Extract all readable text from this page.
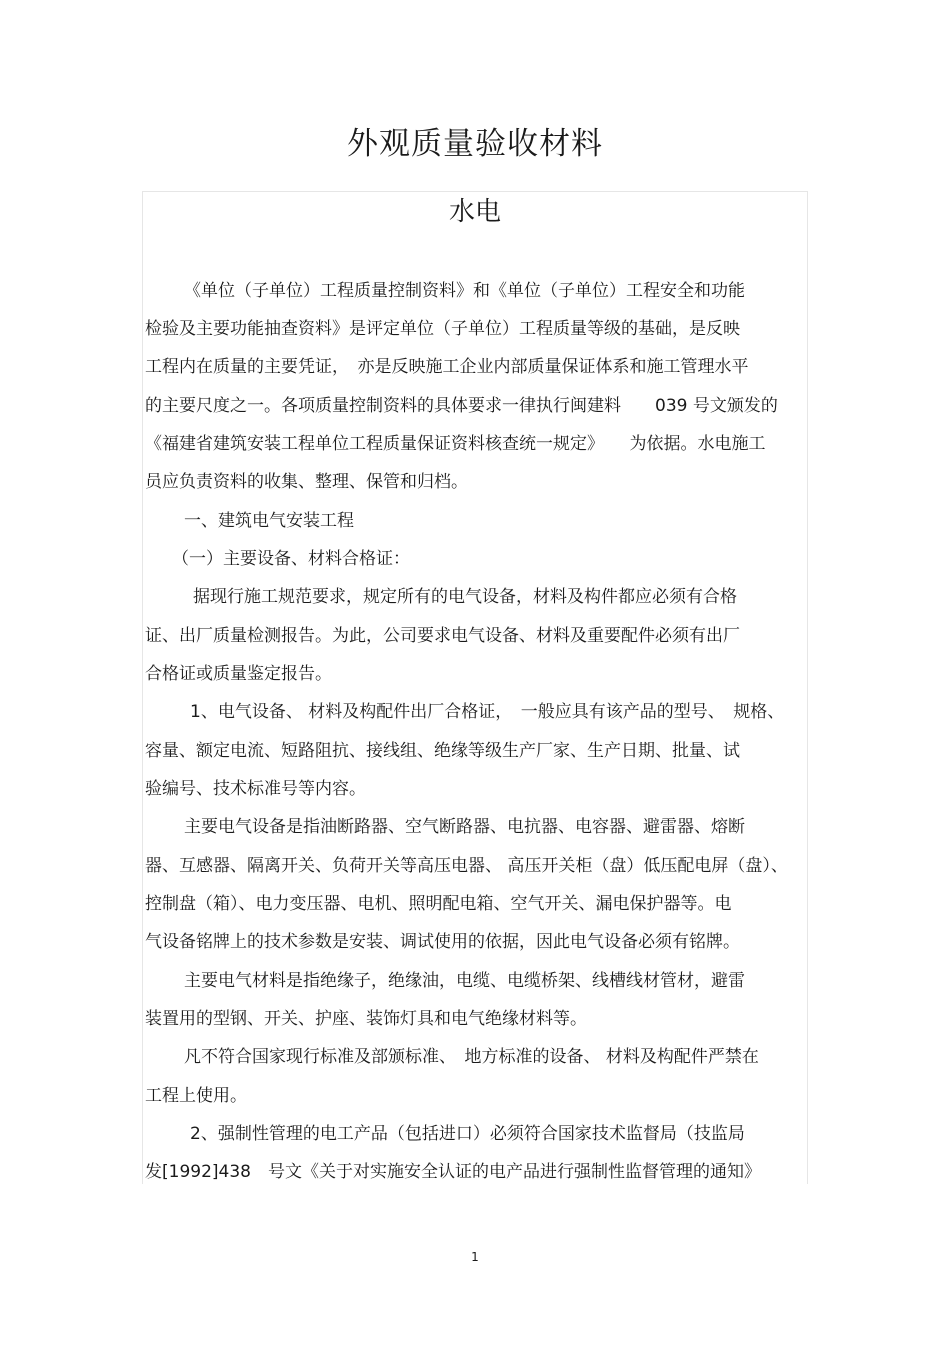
外观质量验收材料
水电

《单位（子单位）工程质量控制资料》和《单位（子单位）工程安全和功能

检验及主要功能抽查资料》是评定单位（子单位）工程质量等级的基础，是反映

工程内在质量的主要凭证，　亦是反映施工企业内部质量保证体系和施工管理水平

的主要尺度之一。各项质量控制资料的具体要求一律执行闽建料　　039 号文颁发的

《福建省建筑安装工程单位工程质量保证资料核查统一规定》　　为依据。水电施工

员应负责资料的收集、整理、保管和归档。

一、建筑电气安装工程

（一）主要设备、材料合格证：

据现行施工规范要求，规定所有的电气设备，材料及构件都应必须有合格

证、出厂质量检测报告。为此，公司要求电气设备、材料及重要配件必须有出厂

合格证或质量鉴定报告。

1、电气设备、 材料及构配件出厂合格证，　一般应具有该产品的型号、　规格、

容量、额定电流、短路阻抗、接线组、绝缘等级生产厂家、生产日期、批量、试

验编号、技术标准号等内容。

主要电气设备是指油断路器、空气断路器、电抗器、电容器、避雷器、熔断

器、互感器、隔离开关、负荷开关等高压电器、 高压开关柜（盘）低压配电屏（盘）、

控制盘（箱）、电力变压器、电机、照明配电箱、空气开关、漏电保护器等。电

气设备铭牌上的技术参数是安装、调试使用的依据，因此电气设备必须有铭牌。

主要电气材料是指绝缘子，绝缘油，电缆、电缆桥架、线槽线材管材，避雷

装置用的型钢、开关、护座、装饰灯具和电气绝缘材料等。

凡不符合国家现行标准及部颁标准、　地方标准的设备、 材料及构配件严禁在

工程上使用。

2、强制性管理的电工产品（包括进口）必须符合国家技术监督局（技监局

发[1992]438　号文《关于对实施安全认证的电产品进行强制性监督管理的通知》

1
